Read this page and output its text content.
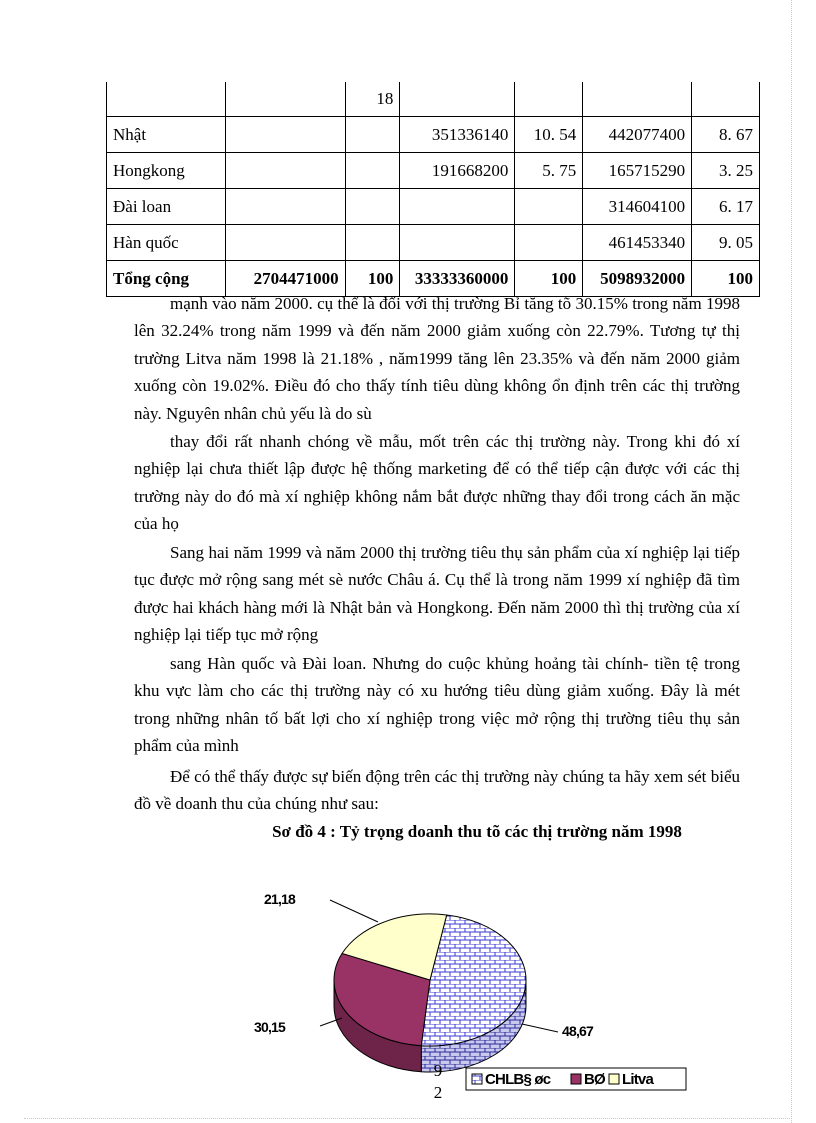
		18				
Nhật			351336140	10. 54	442077400	8. 67
Hongkong			191668200	5. 75	165715290	3. 25
Đài loan					314604100	6. 17
Hàn quốc					461453340	9. 05
Tổng cộng	2704471000	100	33333360000	100	5098932000	100

mạnh vào năm 2000. cụ thể là đối với thị trường Bỉ tăng tõ 30.15% trong năm 1998 lên 32.24% trong năm 1999 và đến năm 2000 giảm xuống còn 22.79%. Tương tự thị trường Litva năm 1998 là 21.18% , năm1999 tăng lên 23.35% và đến năm 2000 giảm xuống còn 19.02%. Điều đó cho thấy tính tiêu dùng không ổn định trên các thị trường này. Nguyên nhân chủ yếu là do sù

thay đổi rất nhanh chóng về mẫu, mốt trên các thị trường này. Trong khi đó xí nghiệp lại chưa thiết lập được hệ thống marketing để có thể tiếp cận được với các thị trường này do đó mà xí nghiệp không nắm bắt được những thay đổi trong cách ăn mặc của họ

Sang hai năm 1999 và năm 2000 thị trường tiêu thụ sản phẩm của xí nghiệp lại tiếp tục được mở rộng sang mét sè nước Châu á. Cụ thể là trong năm 1999 xí nghiệp đã tìm được hai khách hàng mới là Nhật bản và Hongkong. Đến năm 2000 thì thị trường của xí nghiệp lại tiếp tục mở rộng

sang Hàn quốc và Đài loan. Nhưng do cuộc khủng hoảng tài chính- tiền tệ trong khu vực làm cho các thị trường này có xu hướng tiêu dùng giảm xuống. Đây là mét trong những nhân tố bất lợi cho xí nghiệp trong việc mở rộng thị trường tiêu thụ sản phẩm của mình

Để có thể thấy được sự biến động trên các thị trường này chúng ta hãy xem sét biểu đồ về doanh thu của chúng như sau:

Sơ đồ 4 : Tỷ trọng doanh thu tõ các thị trường năm 1998

48,67
30,15
21,18
CHLB§ øc BØ Litva
9
2
